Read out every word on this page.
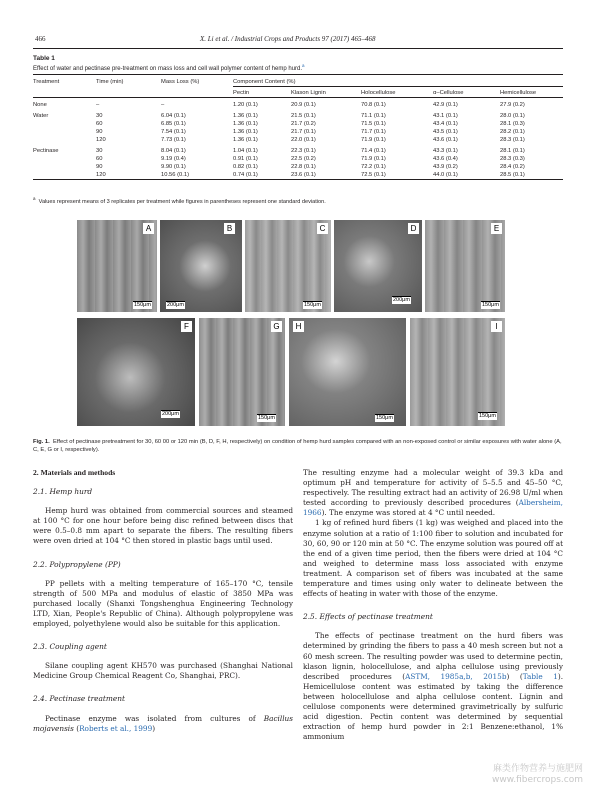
466	X. Li et al. / Industrial Crops and Products 97 (2017) 465–468
Table 1
Effect of water and pectinase pre-treatment on mass loss and cell wall polymer content of hemp hurd.$^a$
Treatment	Time (min)	Mass Loss (%)	Component Content (%)				
			Pectin	Klason Lignin	Holocellulose	α–Cellulose	Hemicellulose
None	–	–	1.20 (0.1)	20.9 (0.1)	70.8 (0.1)	42.9 (0.1)	27.9 (0.2)
Water	30	6.04 (0.1)	1.36 (0.1)	21.5 (0.1)	71.1 (0.1)	43.1 (0.1)	28.0 (0.1)
	60	6.85 (0.1)	1.36 (0.1)	21.7 (0.2)	71.5 (0.1)	43.4 (0.1)	28.1 (0.3)
	90	7.54 (0.1)	1.36 (0.1)	21.7 (0.1)	71.7 (0.1)	43.5 (0.1)	28.2 (0.1)
	120	7.73 (0.1)	1.36 (0.1)	22.0 (0.1)	71.9 (0.1)	43.6 (0.1)	28.3 (0.1)
Pectinase	30	8.04 (0.1)	1.04 (0.1)	22.3 (0.1)	71.4 (0.1)	43.3 (0.1)	28.1 (0.1)
	60	9.19 (0.4)	0.91 (0.1)	22.5 (0.2)	71.9 (0.1)	43.6 (0.4)	28.3 (0.3)
	90	9.90 (0.1)	0.82 (0.1)	22.8 (0.1)	72.2 (0.1)	43.9 (0.2)	28.4 (0.2)
	120	10.56 (0.1)	0.74 (0.1)	23.6 (0.1)	72.5 (0.1)	44.0 (0.1)	28.5 (0.1)
$^a$  Values represent means of 3 replicates per treatment while figures in parentheses represent one standard deviation.
A
150μm
B
200μm
C
150μm
D
200μm
E
150μm
F
200μm
G
150μm
H
150μm
I
150μm
Fig. 1. Effect of pectinase pretreatment for 30, 60 00 or 120 min (B, D, F, H, respectively) on condition of hemp hurd samples compared with an non-exposed control or similar exposures with water alone (A, C, E, G or I, respectively).
2. Materials and methods
2.1. Hemp hurd

Hemp hurd was obtained from commercial sources and steamed at 100 °C for one hour before being disc refined between discs that were 0.5–0.8 mm apart to separate the fibers. The resulting fibers were oven dried at 104 °C then stored in plastic bags until used.

2.2. Polypropylene (PP)

PP pellets with a melting temperature of 165–170 °C, tensile strength of 500 MPa and modulus of elastic of 3850 MPa was purchased locally (Shanxi Tongshenghua Engineering Technology LTD, Xian, People's Republic of China). Although polypropylene was employed, polyethylene would also be suitable for this application.

2.3. Coupling agent

Silane coupling agent KH570 was purchased (Shanghai National Medicine Group Chemical Reagent Co, Shanghai, PRC).

2.4. Pectinase treatment

Pectinase enzyme was isolated from cultures of Bacillus mojavensis (Roberts et al., 1999)

The resulting enzyme had a molecular weight of 39.3 kDa and optimum pH and temperature for activity of 5–5.5 and 45–50 °C, respectively. The resulting extract had an activity of 26.98 U/ml when tested according to previously described procedures (Albersheim, 1966). The enzyme was stored at 4 °C until needed.

1 kg of refined hurd fibers (1 kg) was weighed and placed into the enzyme solution at a ratio of 1:100 fiber to solution and incubated for 30, 60, 90 or 120 min at 50 °C. The enzyme solution was poured off at the end of a given time period, then the fibers were dried at 104 °C and weighed to determine mass loss associated with enzyme treatment. A comparison set of fibers was incubated at the same temperature and times using only water to delineate between the effects of heating in water with those of the enzyme.

2.5. Effects of pectinase treatment

The effects of pectinase treatment on the hurd fibers was determined by grinding the fibers to pass a 40 mesh screen but not a 60 mesh screen. The resulting powder was used to determine pectin, klason lignin, holocellulose, and alpha cellulose using previously described procedures (ASTM, 1985a,b, 2015b) (Table 1). Hemicellulose content was estimated by taking the difference between holocellulose and alpha cellulose content. Lignin and cellulose components were determined gravimetrically by sulfuric acid digestion. Pectin content was determined by sequential extraction of hemp hurd powder in 2:1 Benzene:ethanol, 1% ammonium

麻类作物营养与施肥网
www.fibercrops.com
